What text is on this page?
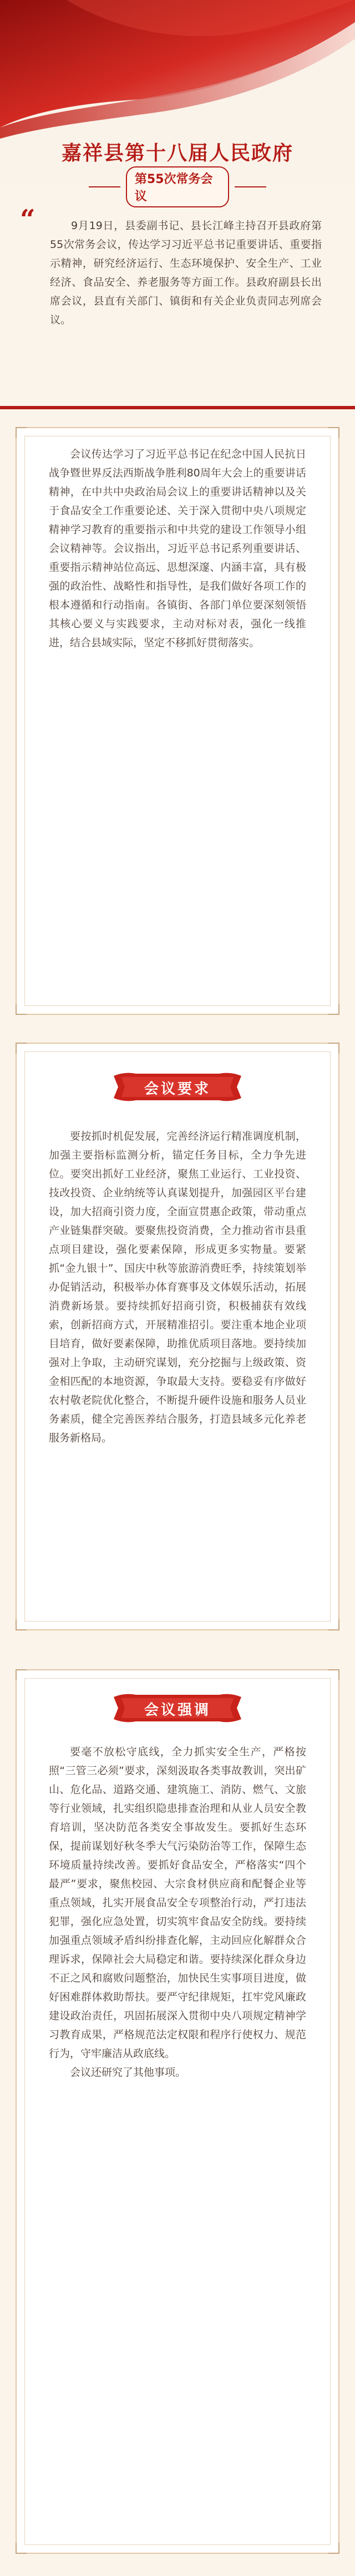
嘉祥县第十八届人民政府
第55次常务会议
“	9月19日，县委副书记、县长江峰主持召开县政府第55次常务会议，传达学习习近平总书记重要讲话、重要指示精神，研究经济运行、生态环境保护、安全生产、工业经济、食品安全、养老服务等方面工作。县政府副县长出席会议，县直有关部门、镇街和有关企业负责同志列席会议。
会议传达学习了习近平总书记在纪念中国人民抗日战争暨世界反法西斯战争胜利80周年大会上的重要讲话精神，在中共中央政治局会议上的重要讲话精神以及关于食品安全工作重要论述、关于深入贯彻中央八项规定精神学习教育的重要指示和中共党的建设工作领导小组会议精神等。会议指出，习近平总书记系列重要讲话、重要指示精神站位高远、思想深邃、内涵丰富，具有极强的政治性、战略性和指导性，是我们做好各项工作的根本遵循和行动指南。各镇街、各部门单位要深刻领悟其核心要义与实践要求，主动对标对表，强化一线推进，结合县域实际，坚定不移抓好贯彻落实。
会议要求
要按抓时机促发展，完善经济运行精准调度机制，加强主要指标监测分析，锚定任务目标，全力争先进位。要突出抓好工业经济，聚焦工业运行、工业投资、技改投资、企业纳统等认真谋划提升，加强园区平台建设，加大招商引资力度，全面宣贯惠企政策，带动重点产业链集群突破。要聚焦投资消费，全力推动省市县重点项目建设，强化要素保障，形成更多实物量。要紧抓“金九银十”、国庆中秋等旅游消费旺季，持续策划举办促销活动，积极举办体育赛事及文体娱乐活动，拓展消费新场景。要持续抓好招商引资，积极捕获有效线索，创新招商方式，开展精准招引。要注重本地企业项目培育，做好要素保障，助推优质项目落地。要持续加强对上争取，主动研究谋划，充分挖掘与上级政策、资金相匹配的本地资源，争取最大支持。要稳妥有序做好农村敬老院优化整合，不断提升硬件设施和服务人员业务素质，健全完善医养结合服务，打造县域多元化养老服务新格局。
会议强调
要毫不放松守底线，全力抓实安全生产，严格按照“三管三必须”要求，深刻汲取各类事故教训，突出矿山、危化品、道路交通、建筑施工、消防、燃气、文旅等行业领域，扎实组织隐患排查治理和从业人员安全教育培训，坚决防范各类安全事故发生。要抓好生态环保，提前谋划好秋冬季大气污染防治等工作，保障生态环境质量持续改善。要抓好食品安全，严格落实“四个最严”要求，聚焦校园、大宗食材供应商和配餐企业等重点领域，扎实开展食品安全专项整治行动，严打违法犯罪，强化应急处置，切实筑牢食品安全防线。要持续加强重点领域矛盾纠纷排查化解，主动回应化解群众合理诉求，保障社会大局稳定和谐。要持续深化群众身边不正之风和腐败问题整治，加快民生实事项目进度，做好困难群体救助帮扶。要严守纪律规矩，扛牢党风廉政建设政治责任，巩固拓展深入贯彻中央八项规定精神学习教育成果，严格规范法定权限和程序行使权力、规范行为，守牢廉洁从政底线。
会议还研究了其他事项。
